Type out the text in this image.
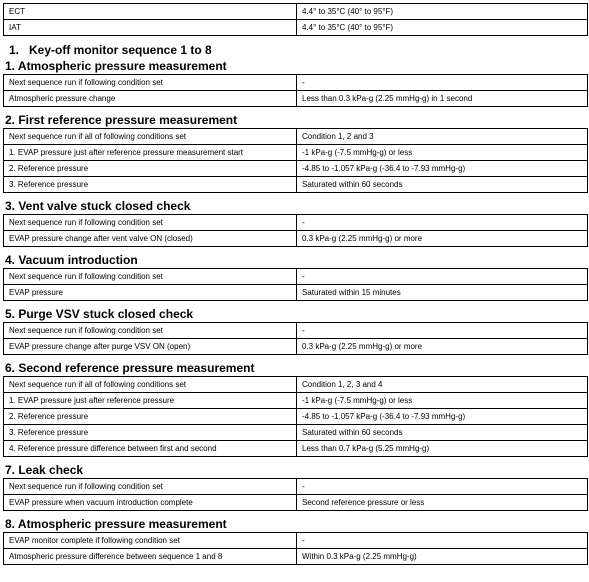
ECT	4.4° to 35°C (40° to 95°F)
IAT	4.4° to 35°C (40° to 95°F)
1. Key-off monitor sequence 1 to 8
1. Atmospheric pressure measurement
Next sequence run if following condition set	-
Atmospheric pressure change	Less than 0.3 kPa-g (2.25 mmHg-g) in 1 second
2. First reference pressure measurement
Next sequence run if all of following conditions set	Condition 1, 2 and 3
1. EVAP pressure just after reference pressure measurement start	-1 kPa-g (-7.5 mmHg-g) or less
2. Reference pressure	-4.85 to -1.057 kPa-g (-36.4 to -7.93 mmHg-g)
3. Reference pressure	Saturated within 60 seconds
3. Vent valve stuck closed check
Next sequence run if following condition set	-
EVAP pressure change after vent valve ON (closed)	0.3 kPa-g (2.25 mmHg-g) or more
4. Vacuum introduction
Next sequence run if following condition set	-
EVAP pressure	Saturated within 15 minutes
5. Purge VSV stuck closed check
Next sequence run if following condition set	-
EVAP pressure change after purge VSV ON (open)	0.3 kPa-g (2.25 mmHg-g) or more
6. Second reference pressure measurement
Next sequence run if all of following conditions set	Condition 1, 2, 3 and 4
1. EVAP pressure just after reference pressure	-1 kPa-g (-7.5 mmHg-g) or less
2. Reference pressure	-4.85 to -1.057 kPa-g (-36.4 to -7.93 mmHg-g)
3. Reference pressure	Saturated within 60 seconds
4. Reference pressure difference between first and second	Less than 0.7 kPa-g (5.25 mmHg-g)
7. Leak check
Next sequence run if following condition set	-
EVAP pressure when vacuum introduction complete	Second reference pressure or less
8. Atmospheric pressure measurement
EVAP monitor complete if following condition set	-
Atmospheric pressure difference between sequence 1 and 8	Within 0.3 kPa-g (2.25 mmHg-g)
